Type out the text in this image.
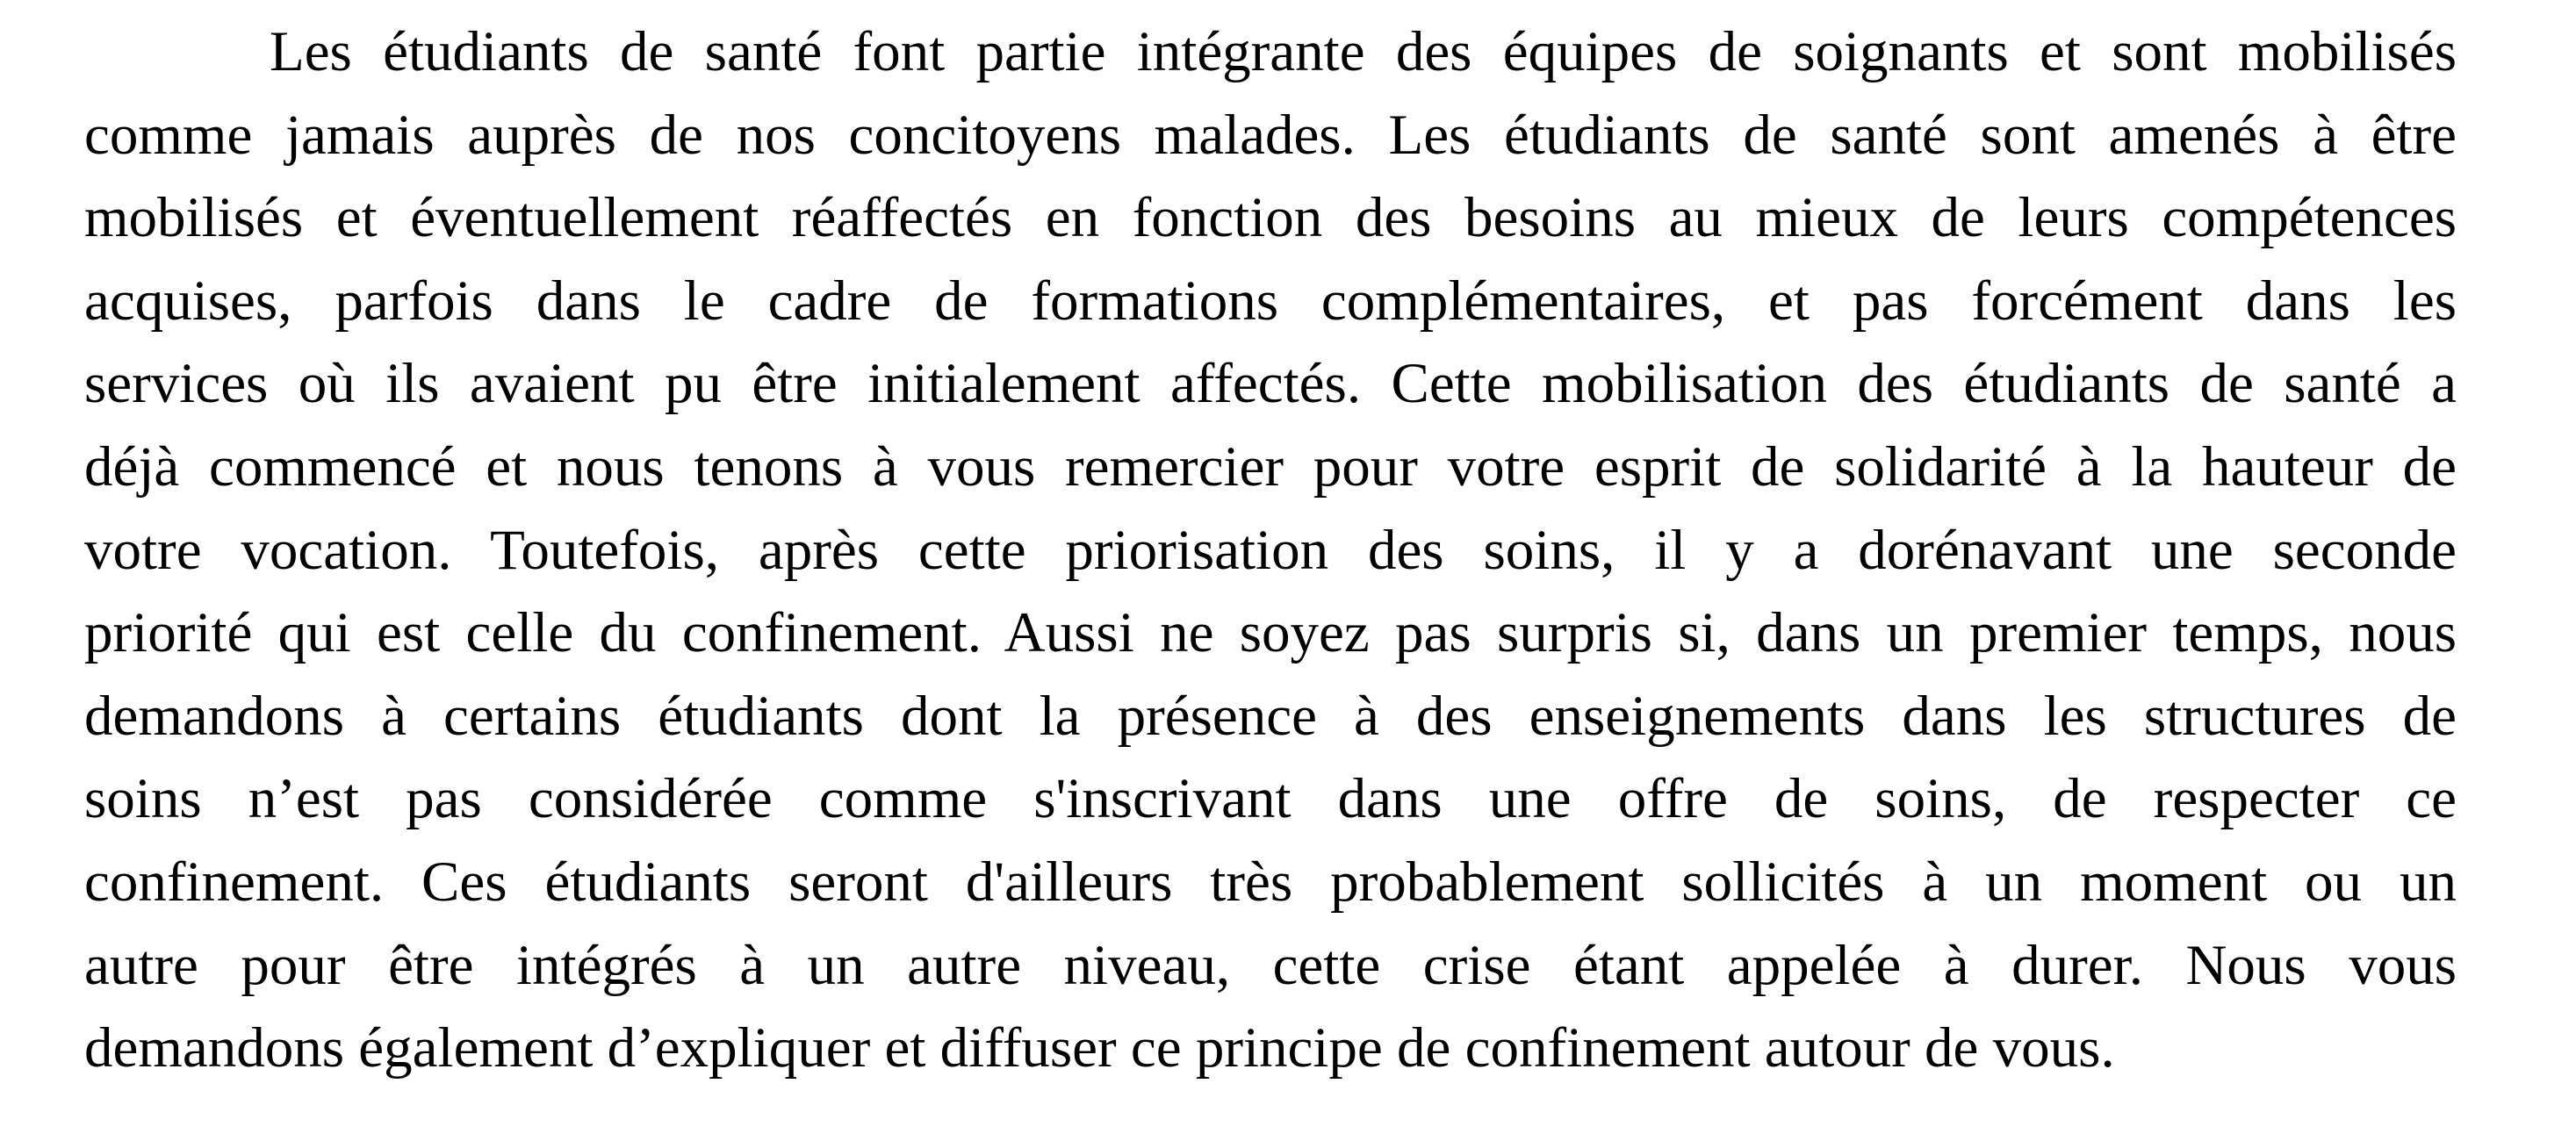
Les étudiants de santé font partie intégrante des équipes de soignants et sont mobilisés
comme jamais auprès de nos concitoyens malades. Les étudiants de santé sont amenés à être
mobilisés et éventuellement réaffectés en fonction des besoins au mieux de leurs compétences
acquises, parfois dans le cadre de formations complémentaires, et pas forcément dans les
services où ils avaient pu être initialement affectés. Cette mobilisation des étudiants de santé a
déjà commencé et nous tenons à vous remercier pour votre esprit de solidarité à la hauteur de
votre vocation. Toutefois, après cette priorisation des soins, il y a dorénavant une seconde
priorité qui est celle du confinement. Aussi ne soyez pas surpris si, dans un premier temps, nous
demandons à certains étudiants dont la présence à des enseignements dans les structures de
soins n’est pas considérée comme s'inscrivant dans une offre de soins, de respecter ce
confinement. Ces étudiants seront d'ailleurs très probablement sollicités à un moment ou un
autre pour être intégrés à un autre niveau, cette crise étant appelée à durer. Nous vous
demandons également d’expliquer et diffuser ce principe de confinement autour de vous.
